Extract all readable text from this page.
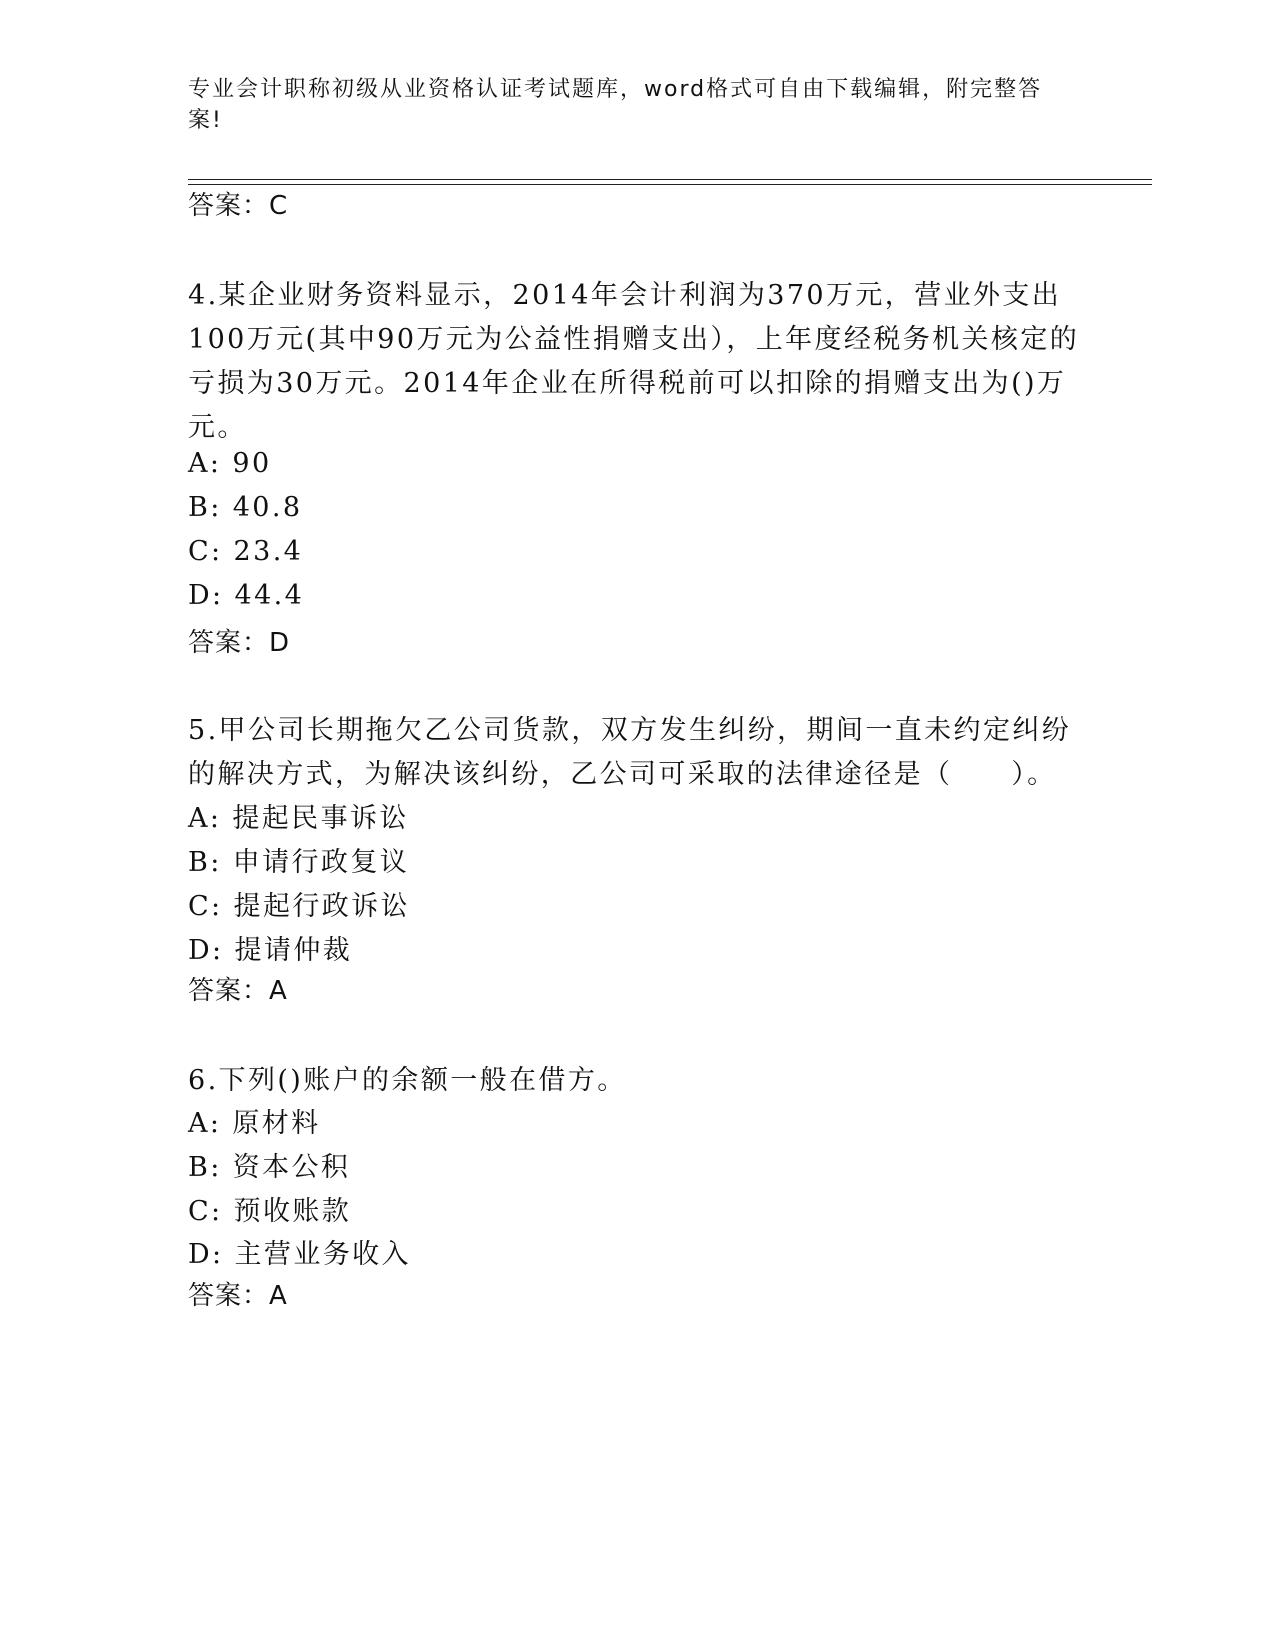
专业会计职称初级从业资格认证考试题库，word格式可自由下载编辑，附完整答案!
答案：C
4.某企业财务资料显示，2014年会计利润为370万元，营业外支出
100万元(其中90万元为公益性捐赠支出），上年度经税务机关核定的
亏损为30万元。2014年企业在所得税前可以扣除的捐赠支出为()万
元。
A: 90
B: 40.8
C: 23.4
D: 44.4
答案：D
5.甲公司长期拖欠乙公司货款，双方发生纠纷，期间一直未约定纠纷
的解决方式，为解决该纠纷，乙公司可采取的法律途径是（　　）。
A: 提起民事诉讼
B: 申请行政复议
C: 提起行政诉讼
D: 提请仲裁
答案：A
6.下列()账户的余额一般在借方。
A: 原材料
B: 资本公积
C: 预收账款
D: 主营业务收入
答案：A
